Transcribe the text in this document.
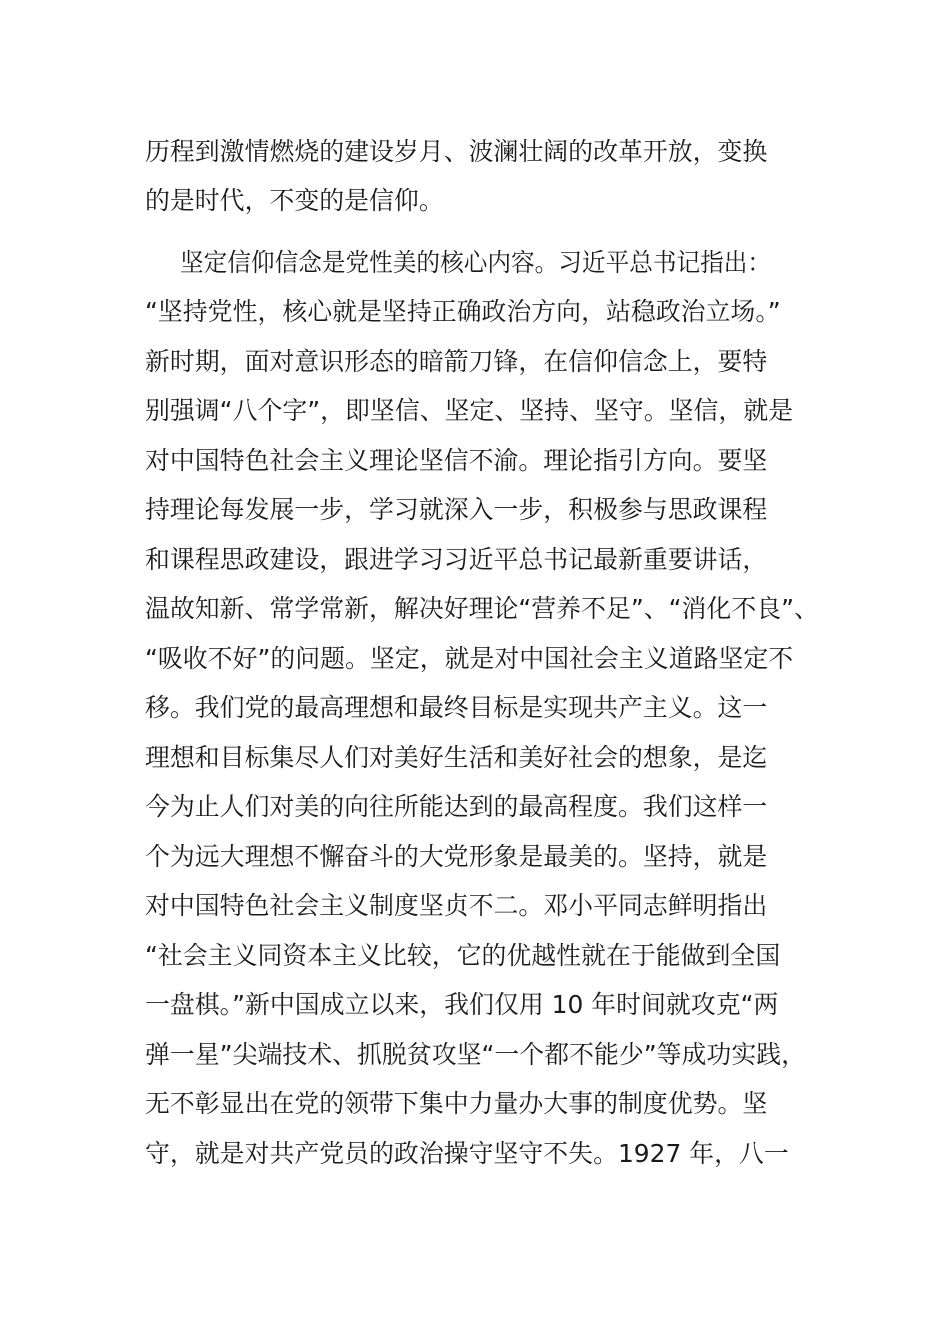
历程到激情燃烧的建设岁月、波澜壮阔的改革开放，变换
的是时代，不变的是信仰。
坚定信仰信念是党性美的核心内容。习近平总书记指出：
“坚持党性，核心就是坚持正确政治方向，站稳政治立场。”
新时期，面对意识形态的暗箭刀锋，在信仰信念上，要特
别强调“八个字”，即坚信、坚定、坚持、坚守。坚信，就是
对中国特色社会主义理论坚信不渝。理论指引方向。要坚
持理论每发展一步，学习就深入一步，积极参与思政课程
和课程思政建设，跟进学习习近平总书记最新重要讲话，
温故知新、常学常新，解决好理论“营养不足”、“消化不良”、
“吸收不好”的问题。坚定，就是对中国社会主义道路坚定不
移。我们党的最高理想和最终目标是实现共产主义。这一
理想和目标集尽人们对美好生活和美好社会的想象，是迄
今为止人们对美的向往所能达到的最高程度。我们这样一
个为远大理想不懈奋斗的大党形象是最美的。坚持，就是
对中国特色社会主义制度坚贞不二。邓小平同志鲜明指出
“社会主义同资本主义比较，它的优越性就在于能做到全国
一盘棋。”新中国成立以来，我们仅用 10 年时间就攻克“两
弹一星”尖端技术、抓脱贫攻坚“一个都不能少”等成功实践，
无不彰显出在党的领带下集中力量办大事的制度优势。坚
守，就是对共产党员的政治操守坚守不失。1927 年，八一
